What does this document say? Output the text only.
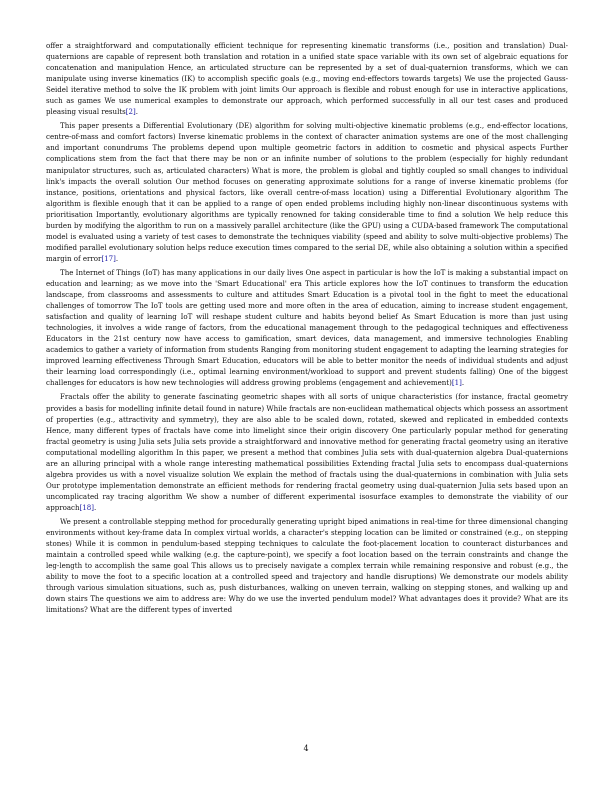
offer a straightforward and computationally efficient technique for representing kinematic transforms (i.e., position and translation) Dual-quaternions are capable of represent both translation and rotation in a unified state space variable with its own set of algebraic equations for concatenation and manipulation Hence, an articulated structure can be represented by a set of dual-quaternion transforms, which we can manipulate using inverse kinematics (IK) to accomplish specific goals (e.g., moving end-effectors towards targets) We use the projected Gauss-Seidel iterative method to solve the IK problem with joint limits Our approach is flexible and robust enough for use in interactive applications, such as games We use numerical examples to demonstrate our approach, which performed successfully in all our test cases and produced pleasing visual results[2].

This paper presents a Differential Evolutionary (DE) algorithm for solving multi-objective kinematic problems (e.g., end-effector locations, centre-of-mass and comfort factors) Inverse kinematic problems in the context of character animation systems are one of the most challenging and important conundrums The problems depend upon multiple geometric factors in addition to cosmetic and physical aspects Further complications stem from the fact that there may be non or an infinite number of solutions to the problem (especially for highly redundant manipulator structures, such as, articulated characters) What is more, the problem is global and tightly coupled so small changes to individual link's impacts the overall solution Our method focuses on generating approximate solutions for a range of inverse kinematic problems (for instance, positions, orientations and physical factors, like overall centre-of-mass location) using a Differential Evolutionary algorithm The algorithm is flexible enough that it can be applied to a range of open ended problems including highly non-linear discontinuous systems with prioritisation Importantly, evolutionary algorithms are typically renowned for taking considerable time to find a solution We help reduce this burden by modifying the algorithm to run on a massively parallel architecture (like the GPU) using a CUDA-based framework The computational model is evaluated using a variety of test cases to demonstrate the techniques viability (speed and ability to solve multi-objective problems) The modified parallel evolutionary solution helps reduce execution times compared to the serial DE, while also obtaining a solution within a specified margin of error[17].

The Internet of Things (IoT) has many applications in our daily lives One aspect in particular is how the IoT is making a substantial impact on education and learning; as we move into the 'Smart Educational' era This article explores how the IoT continues to transform the education landscape, from classrooms and assessments to culture and attitudes Smart Education is a pivotal tool in the fight to meet the educational challenges of tomorrow The IoT tools are getting used more and more often in the area of education, aiming to increase student engagement, satisfaction and quality of learning IoT will reshape student culture and habits beyond belief As Smart Education is more than just using technologies, it involves a wide range of factors, from the educational management through to the pedagogical techniques and effectiveness Educators in the 21st century now have access to gamification, smart devices, data management, and immersive technologies Enabling academics to gather a variety of information from students Ranging from monitoring student engagement to adapting the learning strategies for improved learning effectiveness Through Smart Education, educators will be able to better monitor the needs of individual students and adjust their learning load correspondingly (i.e., optimal learning environment/workload to support and prevent students falling) One of the biggest challenges for educators is how new technologies will address growing problems (engagement and achievement)[1].

Fractals offer the ability to generate fascinating geometric shapes with all sorts of unique characteristics (for instance, fractal geometry provides a basis for modelling infinite detail found in nature) While fractals are non-euclidean mathematical objects which possess an assortment of properties (e.g., attractivity and symmetry), they are also able to be scaled down, rotated, skewed and replicated in embedded contexts Hence, many different types of fractals have come into limelight since their origin discovery One particularly popular method for generating fractal geometry is using Julia sets Julia sets provide a straightforward and innovative method for generating fractal geometry using an iterative computational modelling algorithm In this paper, we present a method that combines Julia sets with dual-quaternion algebra Dual-quaternions are an alluring principal with a whole range interesting mathematical possibilities Extending fractal Julia sets to encompass dual-quaternions algebra provides us with a novel visualize solution We explain the method of fractals using the dual-quaternions in combination with Julia sets Our prototype implementation demonstrate an efficient methods for rendering fractal geometry using dual-quaternion Julia sets based upon an uncomplicated ray tracing algorithm We show a number of different experimental isosurface examples to demonstrate the viability of our approach[18].

We present a controllable stepping method for procedurally generating upright biped animations in real-time for three dimensional changing environments without key-frame data In complex virtual worlds, a character's stepping location can be limited or constrained (e.g., on stepping stones) While it is common in pendulum-based stepping techniques to calculate the foot-placement location to counteract disturbances and maintain a controlled speed while walking (e.g. the capture-point), we specify a foot location based on the terrain constraints and change the leg-length to accomplish the same goal This allows us to precisely navigate a complex terrain while remaining responsive and robust (e.g., the ability to move the foot to a specific location at a controlled speed and trajectory and handle disruptions) We demonstrate our models ability through various simulation situations, such as, push disturbances, walking on uneven terrain, walking on stepping stones, and walking up and down stairs The questions we aim to address are: Why do we use the inverted pendulum model? What advantages does it provide? What are its limitations? What are the different types of inverted

4
